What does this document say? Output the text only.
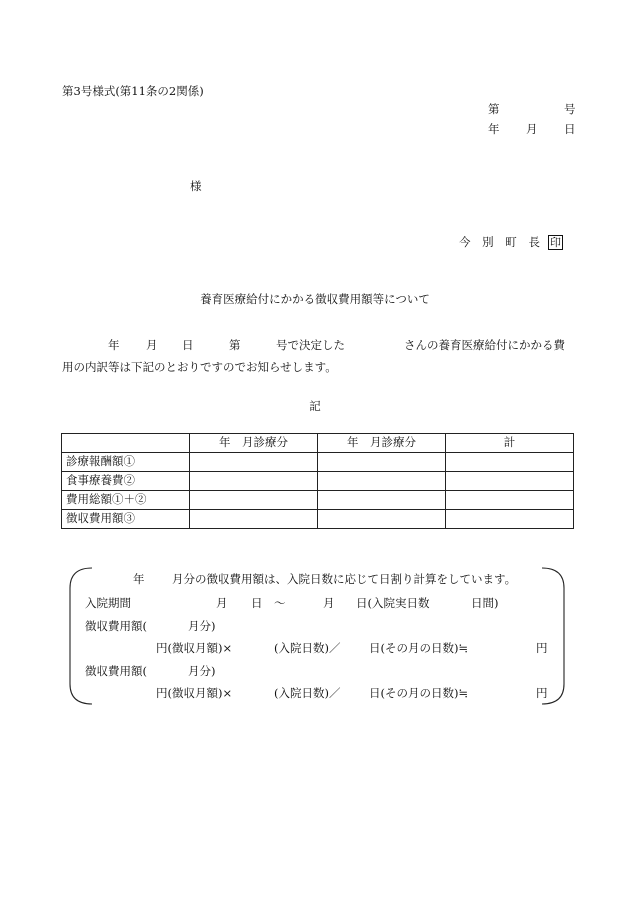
第3号様式(第11条の2関係)
第	号
年 月 日
様
今 別 町 長 印
養育医療給付にかかる徴収費用額等について
年 月 日	第	号で決定した	さんの養育医療給付にかかる費
用の内訳等は下記のとおりですのでお知らせします。
記
	年　月診療分	年　月診療分	計
診療報酬額①			
食事療養費②			
費用総額①＋②			
徴収費用額③			
年 月分の徴収費用額は、入院日数に応じて日割り計算をしています。
入院期間	月 日 〜	月 日(入院実日数	日間)
徴収費用額(	月分)
円(徴収月額)×	(入院日数)／ 日(その月の日数)≒	円
徴収費用額(	月分)
円(徴収月額)×	(入院日数)／ 日(その月の日数)≒	円
